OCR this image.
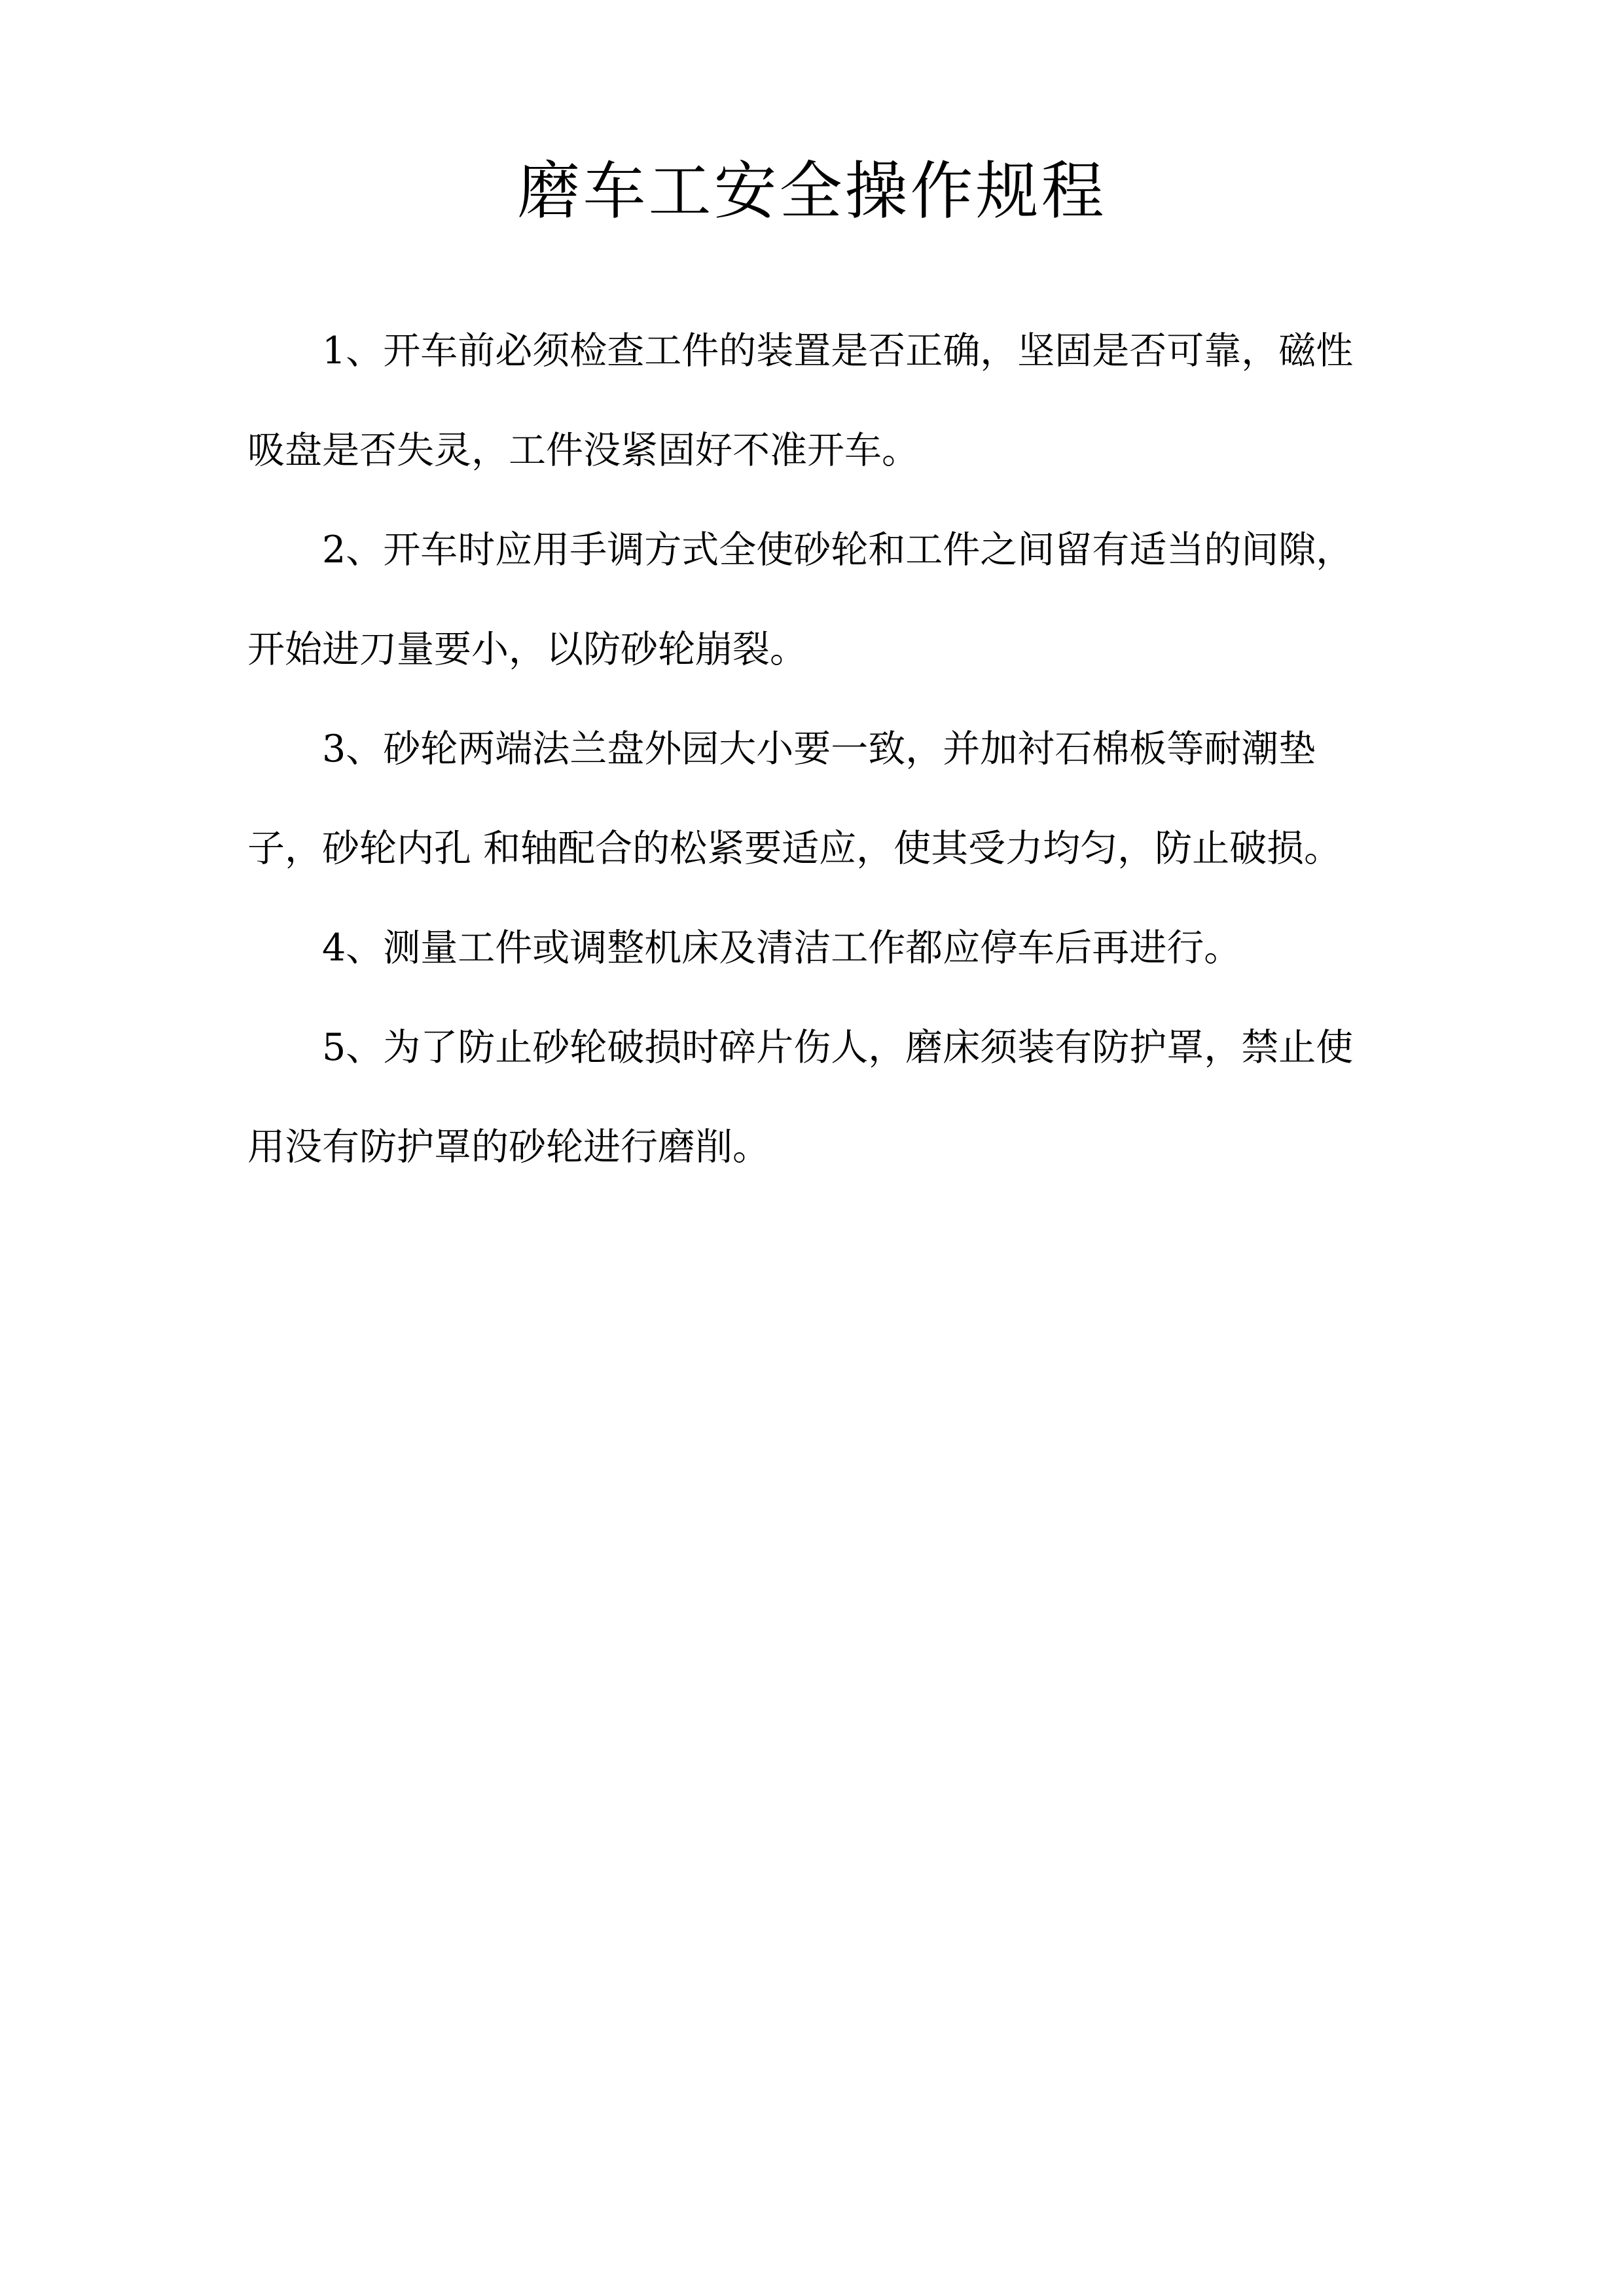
磨车工安全操作规程

1、开车前必须检查工件的装置是否正确，坚固是否可靠，磁性吸盘是否失灵，工件没紧固好不准开车。

2、开车时应用手调方式全使砂轮和工件之间留有适当的间隙，开始进刀量要小，以防砂轮崩裂。

3、砂轮两端法兰盘外园大小要一致，并加衬石棉板等耐潮垫子，砂轮内孔 和轴配合的松紧要适应，使其受力均匀，防止破损。

4、测量工件或调整机床及清洁工作都应停车后再进行。

5、为了防止砂轮破损时碎片伤人，磨床须装有防护罩，禁止使用没有防护罩的砂轮进行磨削。
